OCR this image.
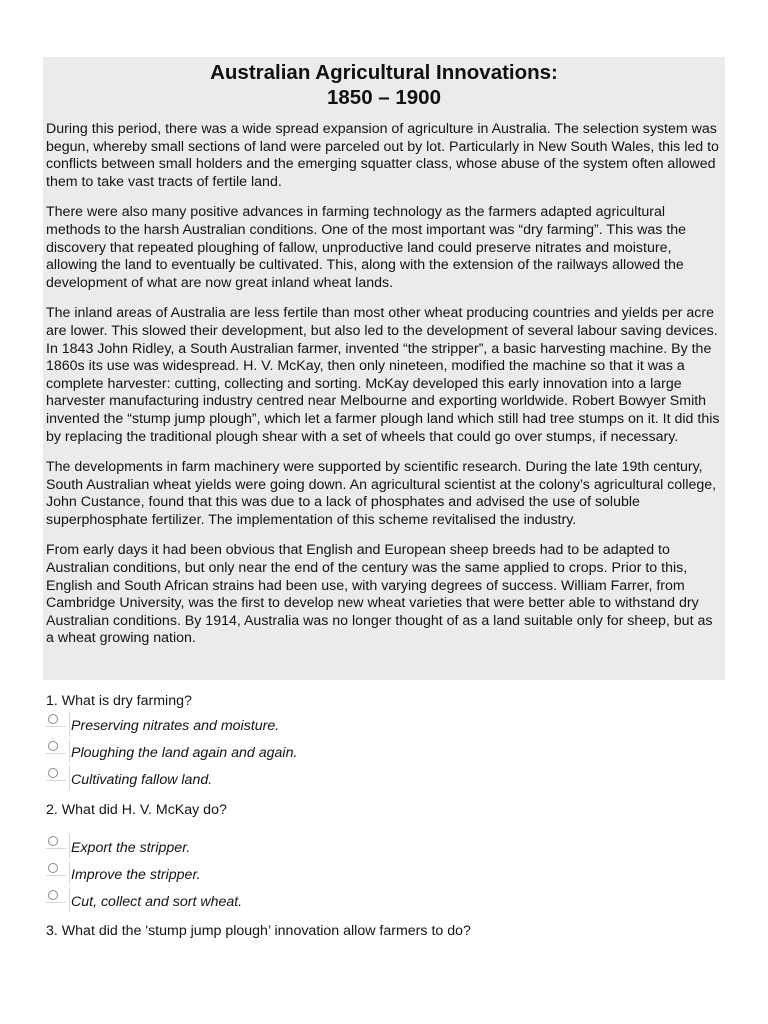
Australian Agricultural Innovations:
1850 – 1900

During this period, there was a wide spread expansion of agriculture in Australia. The selection system was begun, whereby small sections of land were parceled out by lot. Particularly in New South Wales, this led to conflicts between small holders and the emerging squatter class, whose abuse of the system often allowed them to take vast tracts of fertile land.

There were also many positive advances in farming technology as the farmers adapted agricultural methods to the harsh Australian conditions. One of the most important was “dry farming”. This was the discovery that repeated ploughing of fallow, unproductive land could preserve nitrates and moisture, allowing the land to eventually be cultivated. This, along with the extension of the railways allowed the development of what are now great inland wheat lands.

The inland areas of Australia are less fertile than most other wheat producing countries and yields per acre are lower. This slowed their development, but also led to the development of several labour saving devices. In 1843 John Ridley, a South Australian farmer, invented “the stripper”, a basic harvesting machine. By the 1860s its use was widespread. H. V. McKay, then only nineteen, modified the machine so that it was a complete harvester: cutting, collecting and sorting. McKay developed this early innovation into a large harvester manufacturing industry centred near Melbourne and exporting worldwide. Robert Bowyer Smith invented the “stump jump plough”, which let a farmer plough land which still had tree stumps on it. It did this by replacing the traditional plough shear with a set of wheels that could go over stumps, if necessary.

The developments in farm machinery were supported by scientific research. During the late 19th century, South Australian wheat yields were going down. An agricultural scientist at the colony’s agricultural college, John Custance, found that this was due to a lack of phosphates and advised the use of soluble superphosphate fertilizer. The implementation of this scheme revitalised the industry.

From early days it had been obvious that English and European sheep breeds had to be adapted to Australian conditions, but only near the end of the century was the same applied to crops. Prior to this, English and South African strains had been use, with varying degrees of success. William Farrer, from Cambridge University, was the first to develop new wheat varieties that were better able to withstand dry Australian conditions. By 1914, Australia was no longer thought of as a land suitable only for sheep, but as a wheat growing nation.

1. What is dry farming?
Preserving nitrates and moisture.
Ploughing the land again and again.
Cultivating fallow land.
2. What did H. V. McKay do?
Export the stripper.
Improve the stripper.
Cut, collect and sort wheat.
3. What did the 'stump jump plough’ innovation allow farmers to do?
